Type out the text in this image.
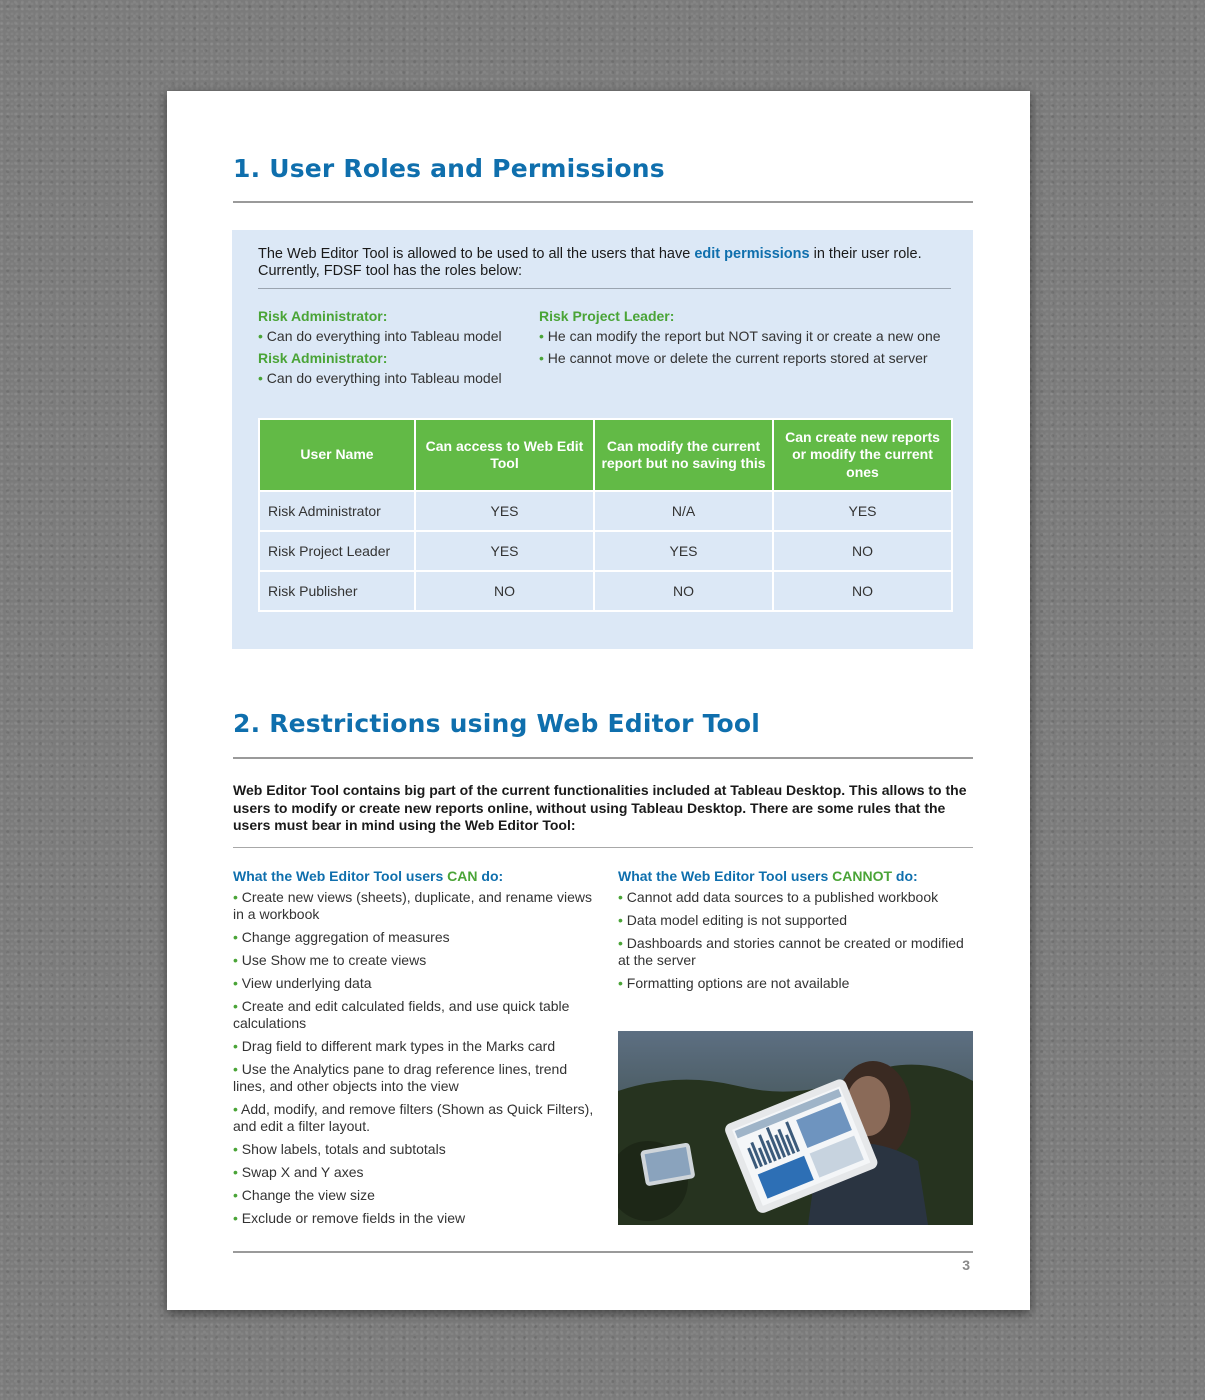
1. User Roles and Permissions
The Web Editor Tool is allowed to be used to all the users that have edit permissions in their user role. Currently, FDSF tool has the roles below:
Risk Administrator:
• Can do everything into Tableau model
Risk Administrator:
• Can do everything into Tableau model
Risk Project Leader:
• He can modify the report but NOT saving it or create a new one
• He cannot move or delete the current reports stored at server
User Name	Can access to Web Edit Tool	Can modify the current report but no saving this	Can create new reports or modify the current ones
Risk Administrator	YES	N/A	YES
Risk Project Leader	YES	YES	NO
Risk Publisher	NO	NO	NO
2. Restrictions using Web Editor Tool
Web Editor Tool contains big part of the current functionalities included at Tableau Desktop. This allows to the users to modify or create new reports online, without using Tableau Desktop. There are some rules that the users must bear in mind using the Web Editor Tool:
What the Web Editor Tool users CAN do:
• Create new views (sheets), duplicate, and rename views in a workbook
• Change aggregation of measures
• Use Show me to create views
• View underlying data
• Create and edit calculated fields, and use quick table calculations
• Drag field to different mark types in the Marks card
• Use the Analytics pane to drag reference lines, trend lines, and other objects into the view
• Add, modify, and remove filters (Shown as Quick Filters), and edit a filter layout.
• Show labels, totals and subtotals
• Swap X and Y axes
• Change the view size
• Exclude or remove fields in the view
What the Web Editor Tool users CANNOT do:
• Cannot add data sources to a published workbook
• Data model editing is not supported
• Dashboards and stories cannot be created or modified at the server
• Formatting options are not available
3
